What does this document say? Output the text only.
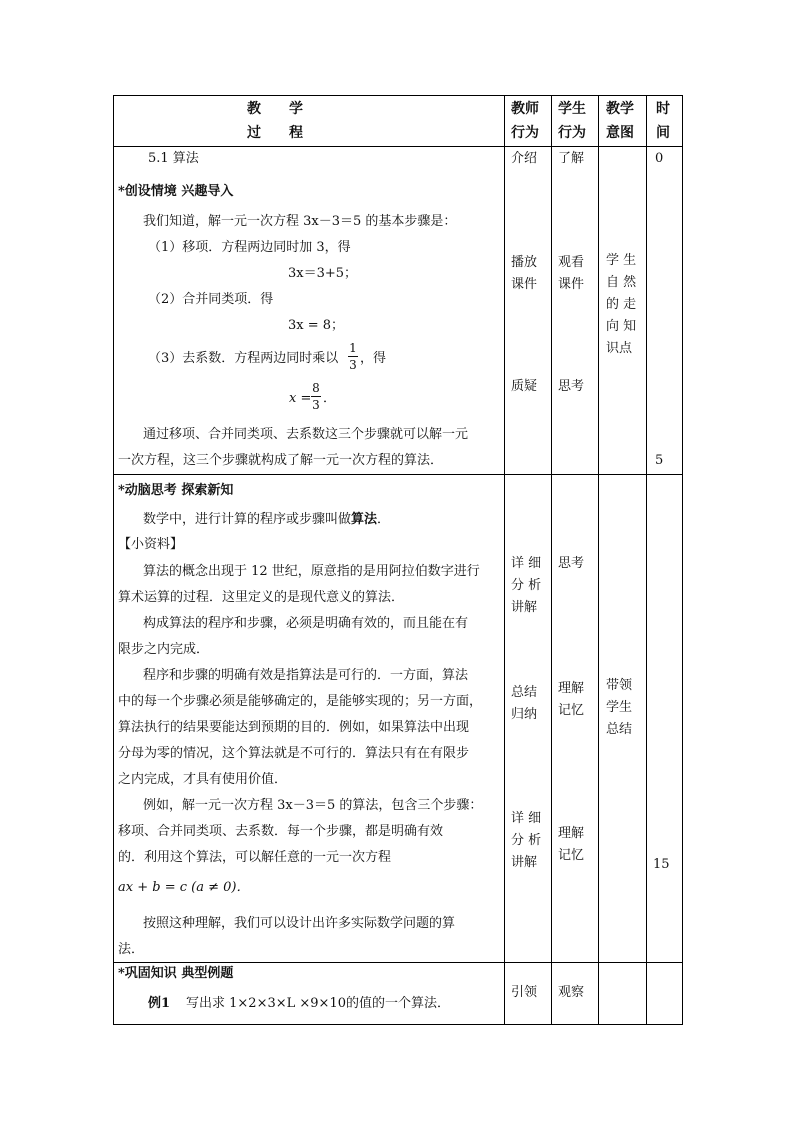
教　　学
过　　程
教师
行为
学生
行为
教学
意图
时
间
5.1 算法
*创设情境 兴趣导入
我们知道，解一元一次方程 3x－3＝5 的基本步骤是：
（1）移项．方程两边同时加 3，得
3x＝3+5；
（2）合并同类项．得
3x = 8；
（3）去系数．方程两边同时乘以
1
3 ，得
x =
8
3 ．
通过移项、合并同类项、去系数这三个步骤就可以解一元
一次方程，这三个步骤就构成了解一元一次方程的算法．
介绍
播放
课件
质疑
了解
观看
课件
思考
学 生
自 然
的 走
向 知
识点
0
5
*动脑思考 探索新知
数学中，进行计算的程序或步骤叫做算法．
【小资料】
算法的概念出现于 12 世纪，原意指的是用阿拉伯数字进行
算术运算的过程．这里定义的是现代意义的算法．
构成算法的程序和步骤，必须是明确有效的，而且能在有
限步之内完成．
程序和步骤的明确有效是指算法是可行的．一方面，算法
中的每一个步骤必须是能够确定的，是能够实现的；另一方面，
算法执行的结果要能达到预期的目的．例如，如果算法中出现
分母为零的情况，这个算法就是不可行的．算法只有在有限步
之内完成，才具有使用价值．
例如，解一元一次方程 3x－3＝5 的算法，包含三个步骤：
移项、合并同类项、去系数．每一个步骤，都是明确有效
的．利用这个算法，可以解任意的一元一次方程
ax + b = c (a ≠ 0)．
按照这种理解，我们可以设计出许多实际数学问题的算
法．
详 细
分 析
讲解
总结
归纳
详 细
分 析
讲解
思考
理解
记忆
理解
记忆
带领
学生
总结
15
*巩固知识 典型例题
例1 写出求 1×2×3×L ×9×10的值的一个算法．
引领 观察
